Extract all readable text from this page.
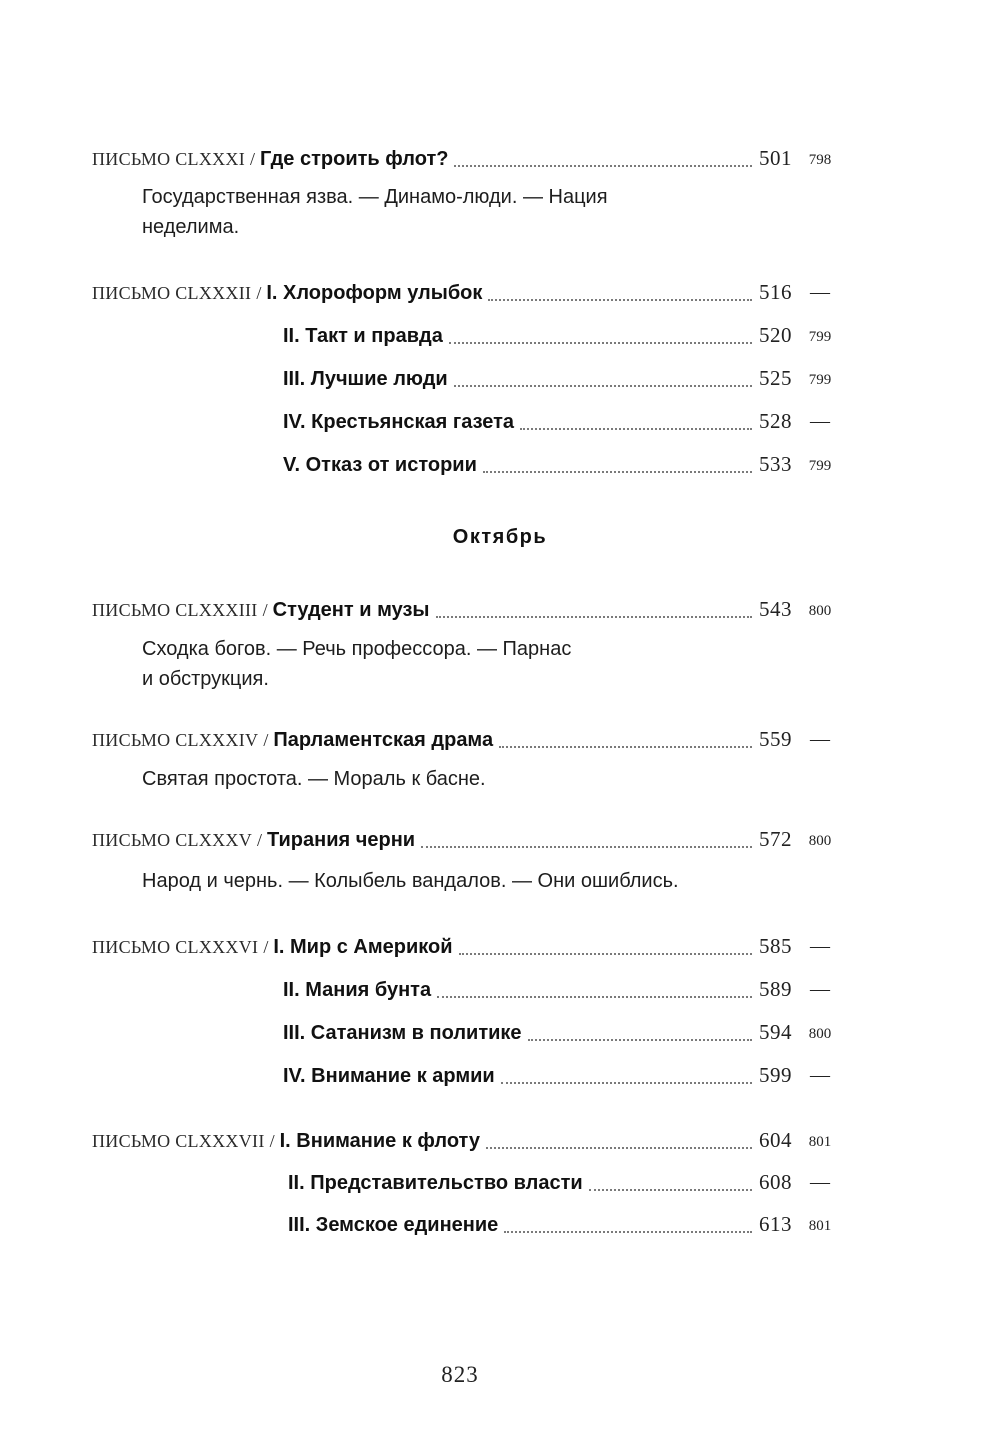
ПИСЬМО CLXXXI / Где строить флот?	501	798
Государственная язва. — Динамо-люди. — Нация
неделима.
ПИСЬМО CLXXXII / I. Хлороформ улыбок	516 —
II. Такт и правда	520	799
III. Лучшие люди	525	799
IV. Крестьянская газета	528 —
V. Отказ от истории	533	799
Октябрь
ПИСЬМО CLXXXIII / Студент и музы	543	800
Сходка богов. — Речь профессора. — Парнас
и обструкция.
ПИСЬМО CLXXXIV / Парламентская драма	559 —
Святая простота. — Мораль к басне.
ПИСЬМО CLXXXV / Тирания черни	572	800
Народ и чернь. — Колыбель вандалов. — Они ошиблись.
ПИСЬМО CLXXXVI / I. Мир с Америкой	585 —
II. Мания бунта	589 —
III. Сатанизм в политике	594	800
IV. Внимание к армии	599 —
ПИСЬМО CLXXXVII / I. Внимание к флоту	604	801
II. Представительство власти	608 —
III. Земское единение	613	801
823
